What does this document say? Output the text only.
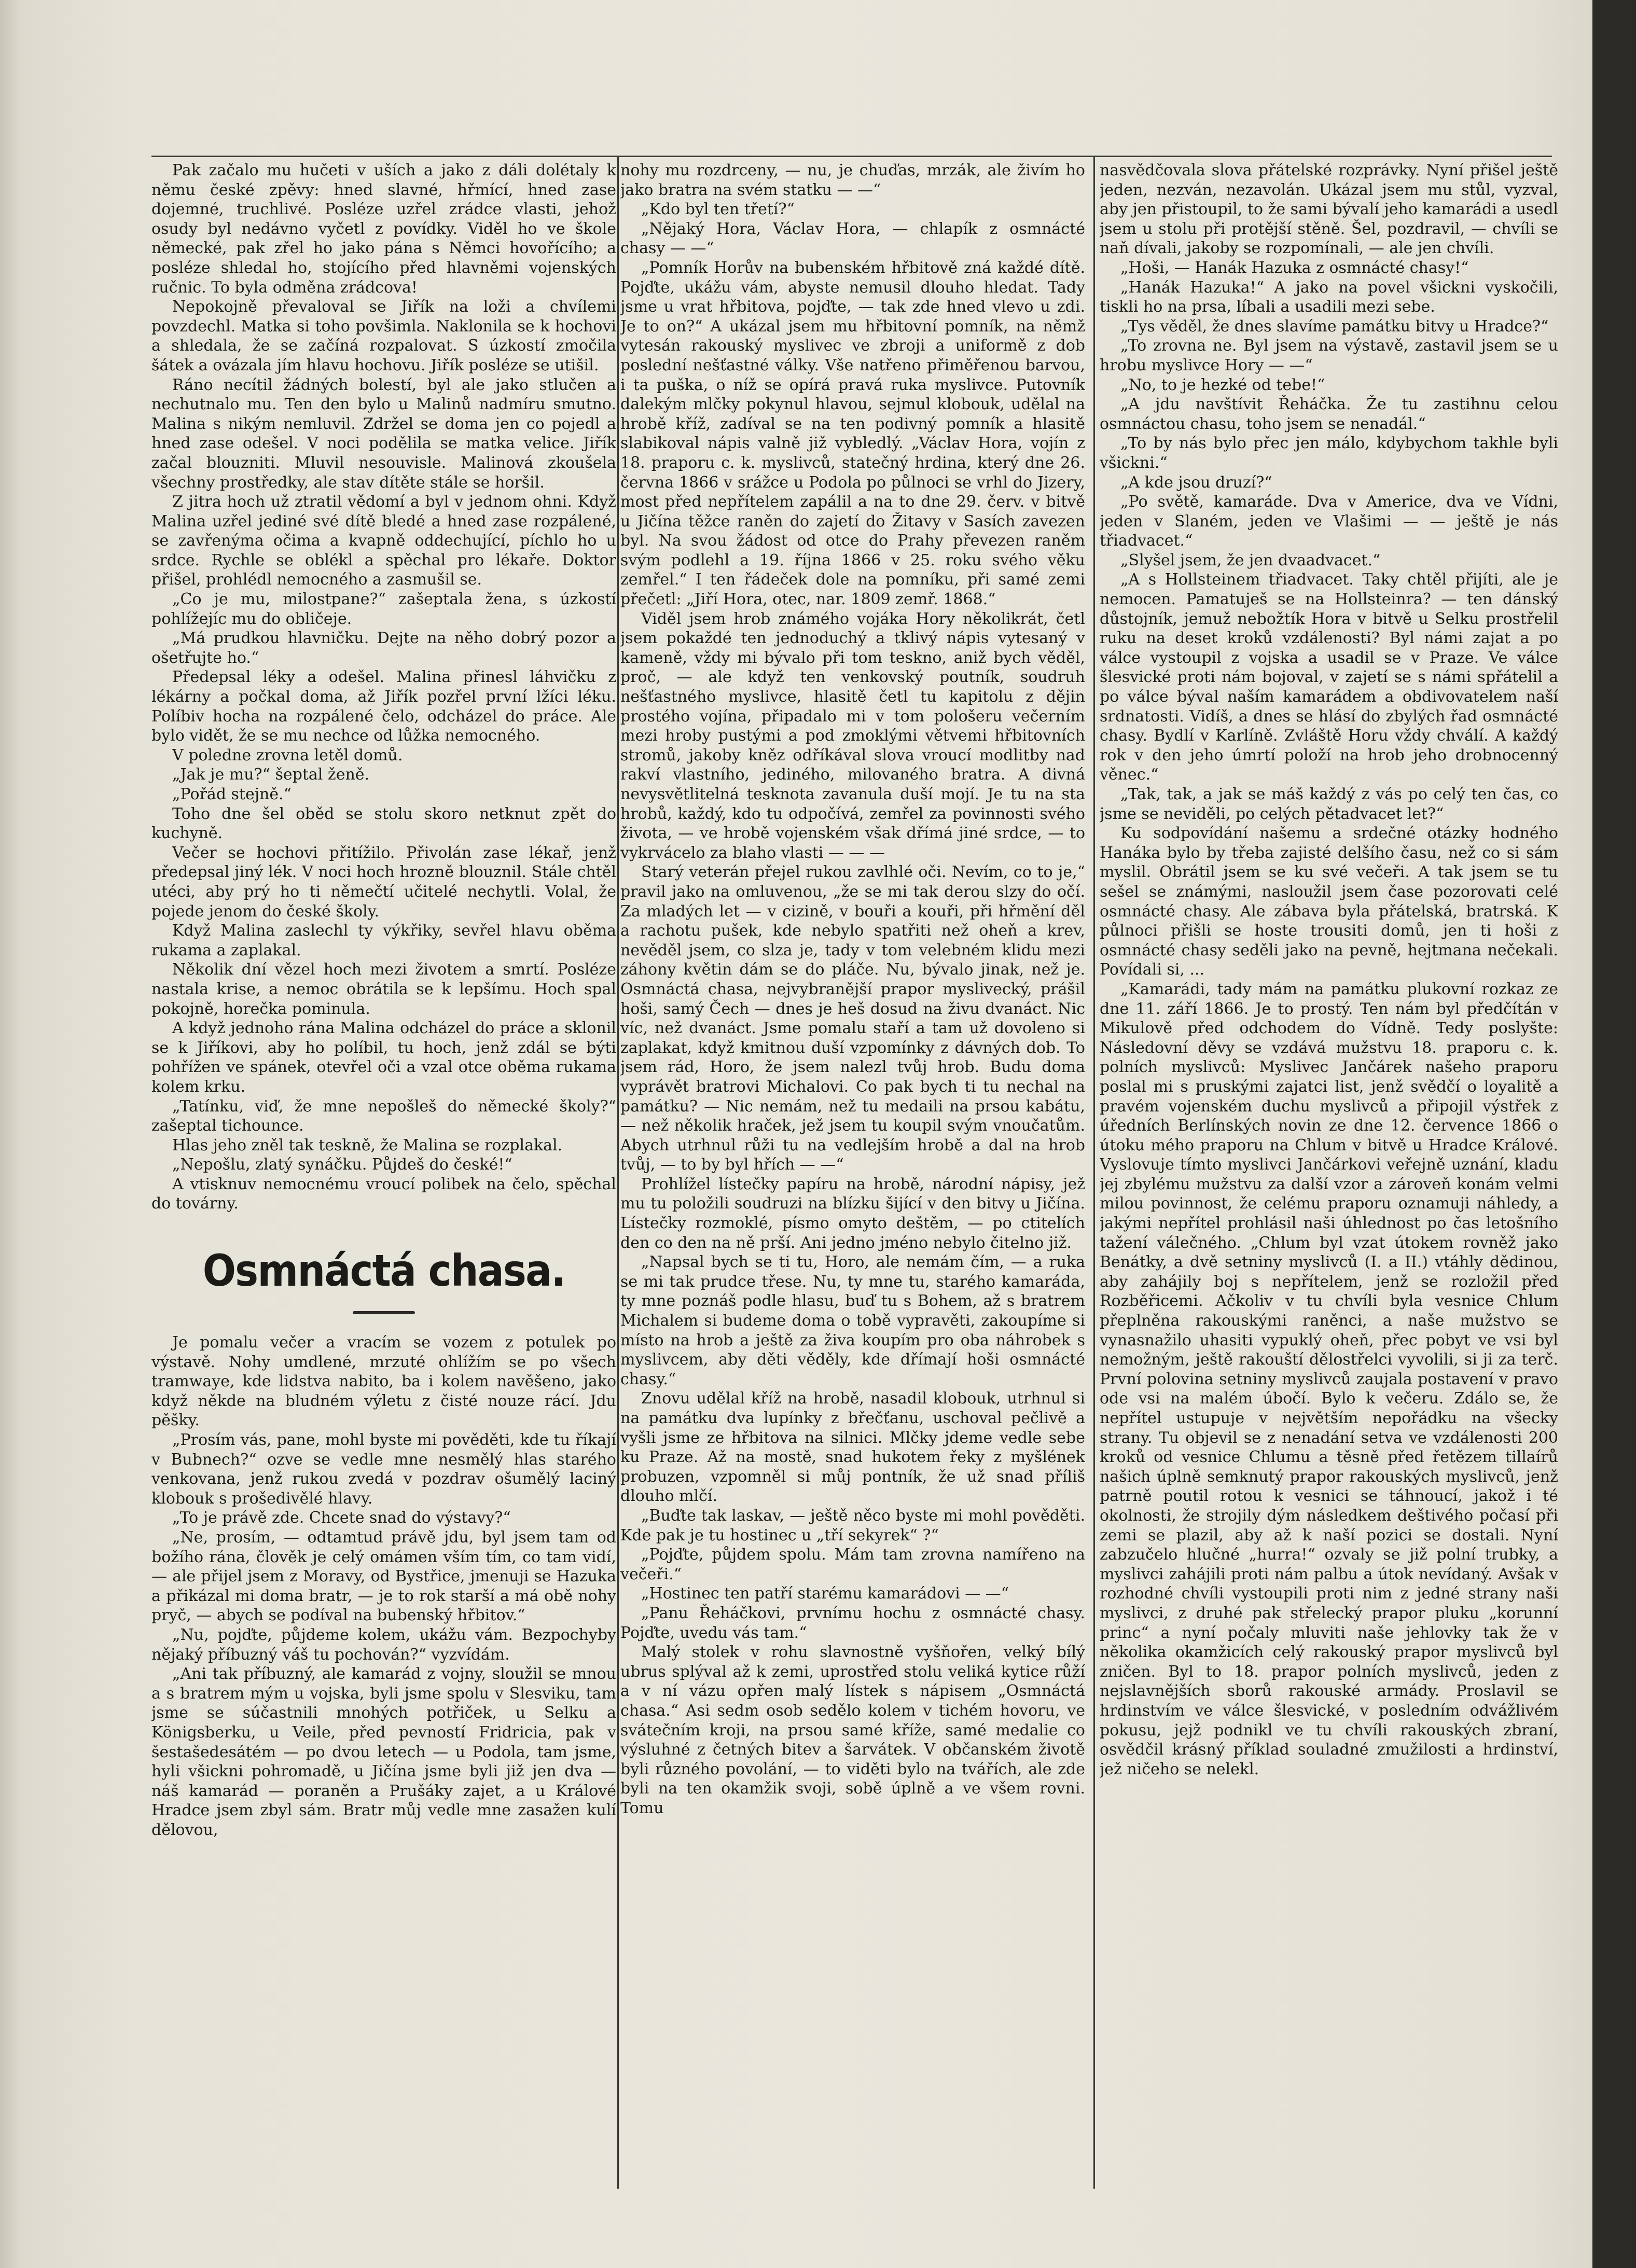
Pak začalo mu hučeti v uších a jako z dáli dolétaly k němu české zpěvy: hned slavné, hřmící, hned zase dojemné, truchlivé. Posléze uzřel zrádce vlasti, jehož osudy byl nedávno vyčetl z povídky. Viděl ho ve škole německé, pak zřel ho jako pána s Němci hovořícího; a posléze shledal ho, stojícího před hlavněmi vojenských ručnic. To byla odměna zrádcova!

Nepokojně převaloval se Jiřík na loži a chvílemi povzdechl. Matka si toho povšimla. Naklonila se k hochovi a shledala, že se začíná rozpalovat. S úzkostí zmočila šátek a ovázala jím hlavu hochovu. Jiřík posléze se utišil.

Ráno necítil žádných bolestí, byl ale jako stlučen a nechutnalo mu. Ten den bylo u Malinů nadmíru smutno. Malina s nikým nemluvil. Zdržel se doma jen co pojedl a hned zase odešel. V noci podělila se matka velice. Jiřík začal blouzniti. Mluvil nesouvisle. Malinová zkoušela všechny prostředky, ale stav dítěte stále se horšil.

Z jitra hoch už ztratil vědomí a byl v jednom ohni. Když Malina uzřel jediné své dítě bledé a hned zase rozpálené, se zavřenýma očima a kvapně oddechující, píchlo ho u srdce. Rychle se oblékl a spěchal pro lékaře. Doktor přišel, prohlédl nemocného a zasmušil se.

„Co je mu, milostpane?“ zašeptala žena, s úzkostí pohlížejíc mu do obličeje.

„Má prudkou hlavničku. Dejte na něho dobrý pozor a ošetřujte ho.“

Předepsal léky a odešel. Malina přinesl láhvičku z lékárny a počkal doma, až Jiřík pozřel první lžíci léku. Políbiv hocha na rozpálené čelo, odcházel do práce. Ale bylo vidět, že se mu nechce od lůžka nemocného.

V poledne zrovna letěl domů.

„Jak je mu?“ šeptal ženě.

„Pořád stejně.“

Toho dne šel oběd se stolu skoro netknut zpět do kuchyně.

Večer se hochovi přitížilo. Přivolán zase lékař, jenž předepsal jiný lék. V noci hoch hrozně blouznil. Stále chtěl utéci, aby prý ho ti němečtí učitelé nechytli. Volal, že pojede jenom do české školy.

Když Malina zaslechl ty výkřiky, sevřel hlavu oběma rukama a zaplakal.

Několik dní vězel hoch mezi životem a smrtí. Posléze nastala krise, a nemoc obrátila se k lepšímu. Hoch spal pokojně, horečka pominula.

A když jednoho rána Malina odcházel do práce a sklonil se k Jiříkovi, aby ho políbil, tu hoch, jenž zdál se býti pohřížen ve spánek, otevřel oči a vzal otce oběma rukama kolem krku.

„Tatínku, viď, že mne nepošleš do německé školy?“ zašeptal tichounce.

Hlas jeho zněl tak teskně, že Malina se rozplakal.

„Nepošlu, zlatý synáčku. Půjdeš do české!“

A vtisknuv nemocnému vroucí polibek na čelo, spěchal do továrny.

Osmnáctá chasa.

Je pomalu večer a vracím se vozem z potulek po výstavě. Nohy umdlené, mrzuté ohlížím se po všech tramwaye, kde lidstva nabito, ba i kolem navěšeno, jako když někde na bludném výletu z čisté nouze rácí. Jdu pěšky.

„Prosím vás, pane, mohl byste mi pověděti, kde tu říkají v Bubnech?“ ozve se vedle mne nesmělý hlas starého venkovana, jenž rukou zvedá v pozdrav ošumělý laciný klobouk s prošedivělé hlavy.

„To je právě zde. Chcete snad do výstavy?“

„Ne, prosím, — odtamtud právě jdu, byl jsem tam od božího rána, člověk je celý omámen vším tím, co tam vidí, — ale přijel jsem z Moravy, od Bystřice, jmenuji se Hazuka a přikázal mi doma bratr, — je to rok starší a má obě nohy pryč, — abych se podíval na bubenský hřbitov.“

„Nu, pojďte, půjdeme kolem, ukážu vám. Bezpochyby nějaký příbuzný váš tu pochován?“ vyzvídám.

„Ani tak příbuzný, ale kamarád z vojny, sloužil se mnou a s bratrem mým u vojska, byli jsme spolu v Slesviku, tam jsme se súčastnili mnohých potřiček, u Selku a Königsberku, u Veile, před pevností Fridricia, pak v šestašedesátém — po dvou letech — u Podola, tam jsme, hyli všickni pohromadě, u Jičína jsme byli již jen dva — náš kamarád — poraněn a Prušáky zajet, a u Králové Hradce jsem zbyl sám. Bratr můj vedle mne zasažen kulí dělovou,

nohy mu rozdrceny, — nu, je chuďas, mrzák, ale živím ho jako bratra na svém statku — —“

„Kdo byl ten třetí?“

„Nějaký Hora, Václav Hora, — chlapík z osmnácté chasy — —“

„Pomník Horův na bubenském hřbitově zná každé dítě. Pojďte, ukážu vám, abyste nemusil dlouho hledat. Tady jsme u vrat hřbitova, pojďte, — tak zde hned vlevo u zdi. Je to on?“ A ukázal jsem mu hřbitovní pomník, na němž vytesán rakouský myslivec ve zbroji a uniformě z dob poslední nešťastné války. Vše natřeno přiměřenou barvou, i ta puška, o níž se opírá pravá ruka myslivce. Putovník dalekým mlčky pokynul hlavou, sejmul klobouk, udělal na hrobě kříž, zadíval se na ten podivný pomník a hlasitě slabikoval nápis valně již vybledlý. „Václav Hora, vojín z 18. praporu c. k. myslivců, statečný hrdina, který dne 26. června 1866 v srážce u Podola po půlnoci se vrhl do Jizery, most před nepřítelem zapálil a na to dne 29. červ. v bitvě u Jičína těžce raněn do zajetí do Žitavy v Sasích zavezen byl. Na svou žádost od otce do Prahy převezen raněm svým podlehl a 19. října 1866 v 25. roku svého věku zemřel.“ I ten řádeček dole na pomníku, při samé zemi přečetl: „Jiří Hora, otec, nar. 1809 zemř. 1868.“

Viděl jsem hrob známého vojáka Hory několikrát, četl jsem pokaždé ten jednoduchý a tklivý nápis vytesaný v kameně, vždy mi bývalo při tom teskno, aniž bych věděl, proč, — ale když ten venkovský poutník, soudruh nešťastného myslivce, hlasitě četl tu kapitolu z dějin prostého vojína, připadalo mi v tom pološeru večerním mezi hroby pustými a pod zmoklými větvemi hřbitovních stromů, jakoby kněz odříkával slova vroucí modlitby nad rakví vlastního, jediného, milovaného bratra. A divná nevysvětlitelná tesknota zavanula duší mojí. Je tu na sta hrobů, každý, kdo tu odpočívá, zemřel za povinnosti svého života, — ve hrobě vojenském však dřímá jiné srdce, — to vykrvácelo za blaho vlasti — — —

Starý veterán přejel rukou zavlhlé oči. Nevím, co to je,“ pravil jako na omluvenou, „že se mi tak derou slzy do očí. Za mladých let — v cizině, v bouři a kouři, při hřmění děl a rachotu pušek, kde nebylo spatřiti než oheň a krev, nevěděl jsem, co slza je, tady v tom velebném klidu mezi záhony květin dám se do pláče. Nu, bývalo jinak, než je. Osmnáctá chasa, nejvybranější prapor myslivecký, prášil hoši, samý Čech — dnes je heš dosud na živu dvanáct. Nic víc, než dvanáct. Jsme pomalu staří a tam už dovoleno si zaplakat, když kmitnou duší vzpomínky z dávných dob. To jsem rád, Horo, že jsem nalezl tvůj hrob. Budu doma vyprávět bratrovi Michalovi. Co pak bych ti tu nechal na památku? — Nic nemám, než tu medaili na prsou kabátu, — než několik hraček, jež jsem tu koupil svým vnoučatům. Abych utrhnul růži tu na vedlejším hrobě a dal na hrob tvůj, — to by byl hřích — —“

Prohlížel lístečky papíru na hrobě, národní nápisy, jež mu tu položili soudruzi na blízku šijící v den bitvy u Jičína. Lístečky rozmoklé, písmo omyto deštěm, — po ctitelích den co den na ně prší. Ani jedno jméno nebylo čitelno již.

„Napsal bych se ti tu, Horo, ale nemám čím, — a ruka se mi tak prudce třese. Nu, ty mne tu, starého kamaráda, ty mne poznáš podle hlasu, buď tu s Bohem, až s bratrem Michalem si budeme doma o tobě vypravěti, zakoupíme si místo na hrob a ještě za živa koupím pro oba náhrobek s myslivcem, aby děti věděly, kde dřímají hoši osmnácté chasy.“

Znovu udělal kříž na hrobě, nasadil klobouk, utrhnul si na památku dva lupínky z břečťanu, uschoval pečlivě a vyšli jsme ze hřbitova na silnici. Mlčky jdeme vedle sebe ku Praze. Až na mostě, snad hukotem řeky z myšlének probuzen, vzpomněl si můj pontník, že už snad příliš dlouho mlčí.

„Buďte tak laskav, — ještě něco byste mi mohl pověděti. Kde pak je tu hostinec u „tří sekyrek“ ?“

„Pojďte, půjdem spolu. Mám tam zrovna namířeno na večeři.“

„Hostinec ten patří starému kamarádovi — —“

„Panu Řeháčkovi, prvnímu hochu z osmnácté chasy. Pojďte, uvedu vás tam.“

Malý stolek v rohu slavnostně vyšňořen, velký bílý ubrus splýval až k zemi, uprostřed stolu veliká kytice růží a v ní vázu opřen malý lístek s nápisem „Osmnáctá chasa.“ Asi sedm osob sedělo kolem v tichém hovoru, ve svátečním kroji, na prsou samé kříže, samé medalie co výsluhné z četných bitev a šarvátek. V občanském životě byli různého povolání, — to viděti bylo na tvářích, ale zde byli na ten okamžik svoji, sobě úplně a ve všem rovni. Tomu

nasvědčovala slova přátelské rozprávky. Nyní přišel ještě jeden, nezván, nezavolán. Ukázal jsem mu stůl, vyzval, aby jen přistoupil, to že sami bývalí jeho kamarádi a usedl jsem u stolu při protější stěně. Šel, pozdravil, — chvíli se naň dívali, jakoby se rozpomínali, — ale jen chvíli.

„Hoši, — Hanák Hazuka z osmnácté chasy!“

„Hanák Hazuka!“ A jako na povel všickni vyskočili, tiskli ho na prsa, líbali a usadili mezi sebe.

„Tys věděl, že dnes slavíme památku bitvy u Hradce?“

„To zrovna ne. Byl jsem na výstavě, zastavil jsem se u hrobu myslivce Hory — —“

„No, to je hezké od tebe!“

„A jdu navštívit Řeháčka. Že tu zastihnu celou osmnáctou chasu, toho jsem se nenadál.“

„To by nás bylo přec jen málo, kdybychom takhle byli všickni.“

„A kde jsou druzí?“

„Po světě, kamaráde. Dva v Americe, dva ve Vídni, jeden v Slaném, jeden ve Vlašimi — — ještě je nás třiadvacet.“

„Slyšel jsem, že jen dvaadvacet.“

„A s Hollsteinem třiadvacet. Taky chtěl přijíti, ale je nemocen. Pamatuješ se na Hollsteinra? — ten dánský důstojník, jemuž nebožtík Hora v bitvě u Selku prostřelil ruku na deset kroků vzdálenosti? Byl námi zajat a po válce vystoupil z vojska a usadil se v Praze. Ve válce šlesvické proti nám bojoval, v zajetí se s námi spřátelil a po válce býval naším kamarádem a obdivovatelem naší srdnatosti. Vidíš, a dnes se hlásí do zbylých řad osmnácté chasy. Bydlí v Karlíně. Zvláště Horu vždy chválí. A každý rok v den jeho úmrtí položí na hrob jeho drobnocenný věnec.“

„Tak, tak, a jak se máš každý z vás po celý ten čas, co jsme se neviděli, po celých pětadvacet let?“

Ku sodpovídání našemu a srdečné otázky hodného Hanáka bylo by třeba zajisté delšího času, než co si sám myslil. Obrátil jsem se ku své večeři. A tak jsem se tu sešel se známými, nasloužil jsem čase pozorovati celé osmnácté chasy. Ale zábava byla přátelská, bratrská. K půlnoci přišli se hoste trousiti domů, jen ti hoši z osmnácté chasy seděli jako na pevně, hejtmana nečekali. Povídali si, ...

„Kamarádi, tady mám na památku plukovní rozkaz ze dne 11. září 1866. Je to prostý. Ten nám byl předčítán v Mikulově před odchodem do Vídně. Tedy poslyšte: Následovní děvy se vzdává mužstvu 18. praporu c. k. polních myslivců: Myslivec Jančárek našeho praporu poslal mi s pruskými zajatci list, jenž svědčí o loyalitě a pravém vojenském duchu myslivců a připojil výstřek z úředních Berlínských novin ze dne 12. července 1866 o útoku mého praporu na Chlum v bitvě u Hradce Králové. Vyslovuje tímto myslivci Jančárkovi veřejně uznání, kladu jej zbylému mužstvu za další vzor a zároveň konám velmi milou povinnost, že celému praporu oznamuji náhledy, a jakými nepřítel prohlásil naši úhlednost po čas letošního tažení válečného. „Chlum byl vzat útokem rovněž jako Benátky, a dvě setniny myslivců (I. a II.) vtáhly dědinou, aby zahájily boj s nepřítelem, jenž se rozložil před Rozběřicemi. Ačkoliv v tu chvíli byla vesnice Chlum přeplněna rakouskými raněnci, a naše mužstvo se vynasnažilo uhasiti vypuklý oheň, přec pobyt ve vsi byl nemožným, ještě rakouští dělostřelci vyvolili, si ji za terč. První polovina setniny myslivců zaujala postavení v pravo ode vsi na malém úbočí. Bylo k večeru. Zdálo se, že nepřítel ustupuje v největším nepořádku na všecky strany. Tu objevil se z nenadání setva ve vzdálenosti 200 kroků od vesnice Chlumu a těsně před řetězem tillaírů našich úplně semknutý prapor rakouských myslivců, jenž patrně poutil rotou k vesnici se táhnoucí, jakož i té okolnosti, že strojily dým následkem deštivého počasí při zemi se plazil, aby až k naší pozici se dostali. Nyní zabzučelo hlučné „hurra!“ ozvaly se již polní trubky, a myslivci zahájili proti nám palbu a útok nevídaný. Avšak v rozhodné chvíli vystoupili proti nim z jedné strany naši myslivci, z druhé pak střelecký prapor pluku „korunní princ“ a nyní počaly mluviti naše jehlovky tak že v několika okamžicích celý rakouský prapor myslivců byl zničen. Byl to 18. prapor polních myslivců, jeden z nejslavnějších sborů rakouské armády. Proslavil se hrdinstvím ve válce šlesvické, v posledním odvážlivém pokusu, jejž podnikl ve tu chvíli rakouských zbraní, osvědčil krásný příklad souladné zmužilosti a hrdinství, jež ničeho se nelekl.
